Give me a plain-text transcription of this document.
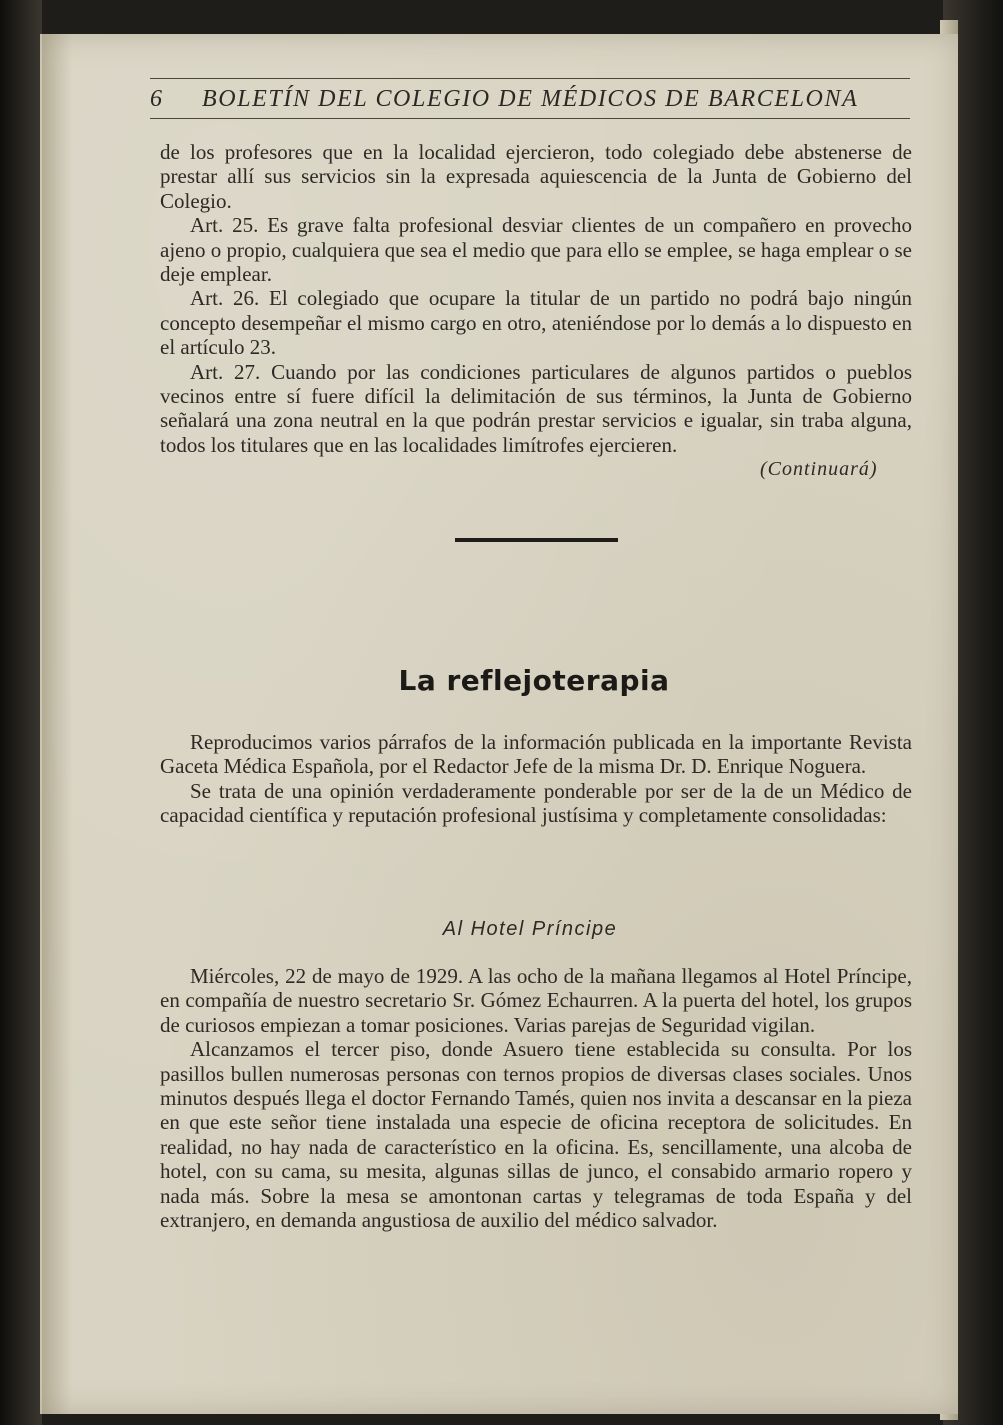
6 BOLETÍN DEL COLEGIO DE MÉDICOS DE BARCELONA

de los profesores que en la localidad ejercieron, todo colegiado debe abstenerse de prestar allí sus servicios sin la expresada aquiescencia de la Junta de Gobierno del Colegio.

Art. 25. Es grave falta profesional desviar clientes de un compañero en provecho ajeno o propio, cualquiera que sea el medio que para ello se emplee, se haga emplear o se deje emplear.

Art. 26. El colegiado que ocupare la titular de un partido no podrá bajo ningún concepto desempeñar el mismo cargo en otro, ateniéndose por lo demás a lo dispuesto en el artículo 23.

Art. 27. Cuando por las condiciones particulares de algunos partidos o pueblos vecinos entre sí fuere difícil la delimitación de sus términos, la Junta de Gobierno señalará una zona neutral en la que podrán prestar servicios e igualar, sin traba alguna, todos los titulares que en las localidades limítrofes ejercieren.

(Continuará)
La reflejoterapia

Reproducimos varios párrafos de la información publicada en la importante Revista Gaceta Médica Española, por el Redactor Jefe de la misma Dr. D. Enrique Noguera.

Se trata de una opinión verdaderamente ponderable por ser de la de un Médico de capacidad científica y reputación profesional justísima y completamente consolidadas:

Al Hotel Príncipe

Miércoles, 22 de mayo de 1929. A las ocho de la mañana llegamos al Hotel Príncipe, en compañía de nuestro secretario Sr. Gómez Echaurren. A la puerta del hotel, los grupos de curiosos empiezan a tomar posiciones. Varias parejas de Seguridad vigilan.

Alcanzamos el tercer piso, donde Asuero tiene establecida su consulta. Por los pasillos bullen numerosas personas con ternos propios de diversas clases sociales. Unos minutos después llega el doctor Fernando Tamés, quien nos invita a descansar en la pieza en que este señor tiene instalada una especie de oficina receptora de solicitudes. En realidad, no hay nada de característico en la oficina. Es, sencillamente, una alcoba de hotel, con su cama, su mesita, algunas sillas de junco, el consabido armario ropero y nada más. Sobre la mesa se amontonan cartas y telegramas de toda España y del extranjero, en demanda angustiosa de auxilio del médico salvador.
